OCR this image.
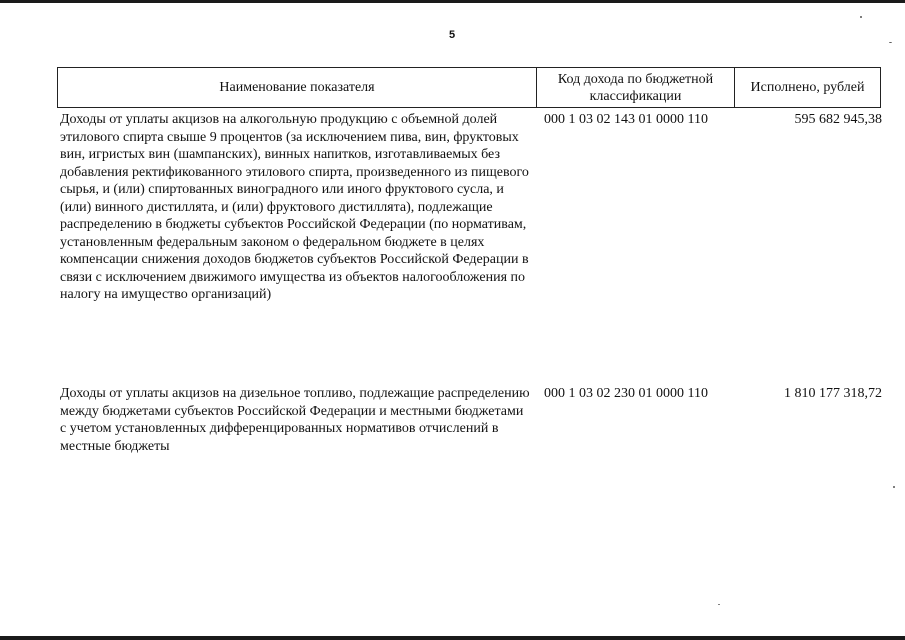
5
Наименование показателя
Код дохода по бюджетной классификации
Исполнено, рублей
Доходы от уплаты акцизов на алкогольную продукцию с объемной долей этилового спирта свыше 9 процентов (за исключением пива, вин, фруктовых вин, игристых вин (шампанских), винных напитков, изготавливаемых без добавления ректификованного этилового спирта, произведенного из пищевого сырья, и (или) спиртованных виноградного или иного фруктового сусла, и (или) винного дистиллята, и (или) фруктового дистиллята), подлежащие распределению в бюджеты субъектов Российской Федерации (по нормативам, установленным федеральным законом о федеральном бюджете в целях компенсации снижения доходов бюджетов субъектов Российской Федерации в связи с исключением движимого имущества из объектов налогообложения по налогу на имущество организаций)
000 1 03 02 143 01 0000 110	595 682 945,38
Доходы от уплаты акцизов на дизельное топливо, подлежащие распределению между бюджетами субъектов Российской Федерации и местными бюджетами с учетом установленных дифференцированных нормативов отчислений в местные бюджеты
000 1 03 02 230 01 0000 110	1 810 177 318,72
